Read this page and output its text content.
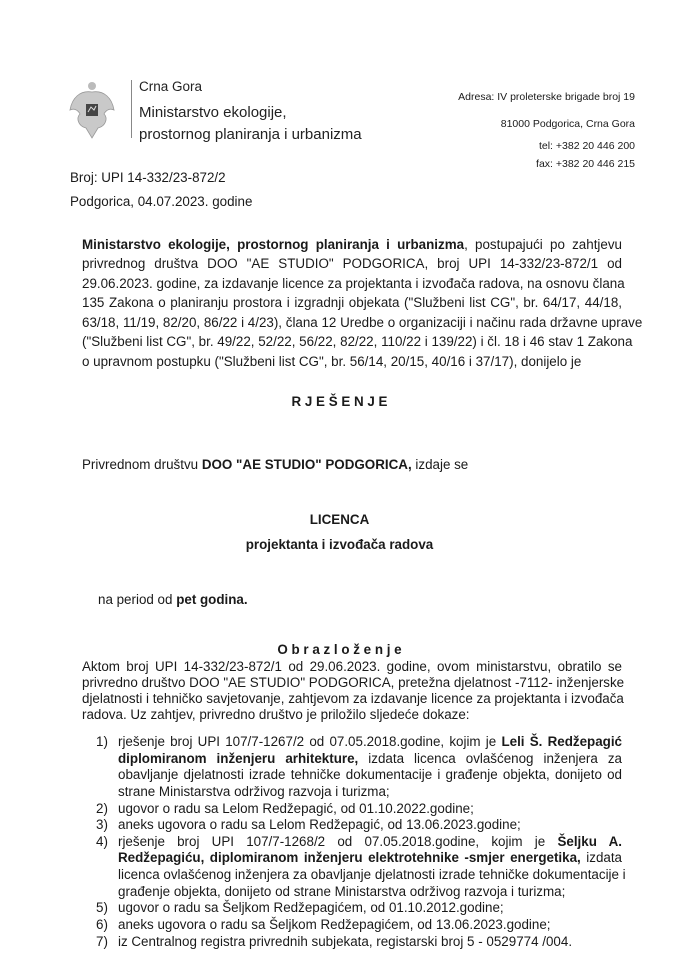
Crna Gora
Ministarstvo ekologije,
prostornog planiranja i urbanizma
Adresa: IV proleterske brigade broj 19
81000 Podgorica, Crna Gora
tel: +382 20 446 200
fax: +382 20 446 215
Broj: UPI 14-332/23-872/2
Podgorica, 04.07.2023. godine
Ministarstvo ekologije, prostornog planiranja i urbanizma, postupajući po zahtjevu
privrednog društva DOO "AE STUDIO" PODGORICA, broj UPI 14-332/23-872/1 od
29.06.2023. godine, za izdavanje licence za projektanta i izvođača radova, na osnovu člana
135 Zakona o planiranju prostora i izgradnji objekata ("Službeni list CG", br. 64/17, 44/18,
63/18, 11/19, 82/20, 86/22 i 4/23), člana 12 Uredbe o organizaciji i načinu rada državne uprave
("Službeni list CG", br. 49/22, 52/22, 56/22, 82/22, 110/22 i 139/22) i čl. 18 i 46 stav 1 Zakona
o upravnom postupku ("Službeni list CG", br. 56/14, 20/15, 40/16 i 37/17), donijelo je
R J E Š E N J E
Privrednom društvu DOO "AE STUDIO" PODGORICA, izdaje se
LICENCA
projektanta i izvođača radova
na period od pet godina.
O b r a z l o ž e n j e
Aktom broj UPI 14-332/23-872/1 od 29.06.2023. godine, ovom ministarstvu, obratilo se
privredno društvo DOO "AE STUDIO" PODGORICA, pretežna djelatnost -7112- inženjerske
djelatnosti i tehničko savjetovanje, zahtjevom za izdavanje licence za projektanta i izvođača
radova. Uz zahtjev, privredno društvo je priložilo sljedeće dokaze:
1) rješenje broj UPI 107/7-1267/2 od 07.05.2018.godine, kojim je Leli Š. Redžepagić
diplomiranom inženjeru arhitekture, izdata licenca ovlašćenog inženjera za
obavljanje djelatnosti izrade tehničke dokumentacije i građenje objekta, donijeto od
strane Ministarstva održivog razvoja i turizma;
2) ugovor o radu sa Lelom Redžepagić, od 01.10.2022.godine;
3) aneks ugovora o radu sa Lelom Redžepagić, od 13.06.2023.godine;
4) rješenje broj UPI 107/7-1268/2 od 07.05.2018.godine, kojim je Šeljku A.
Redžepagiću, diplomiranom inženjeru elektrotehnike -smjer energetika, izdata
licenca ovlašćenog inženjera za obavljanje djelatnosti izrade tehničke dokumentacije i
građenje objekta, donijeto od strane Ministarstva održivog razvoja i turizma;
5) ugovor o radu sa Šeljkom Redžepagićem, od 01.10.2012.godine;
6) aneks ugovora o radu sa Šeljkom Redžepagićem, od 13.06.2023.godine;
7) iz Centralnog registra privrednih subjekata, registarski broj 5 - 0529774 /004.
